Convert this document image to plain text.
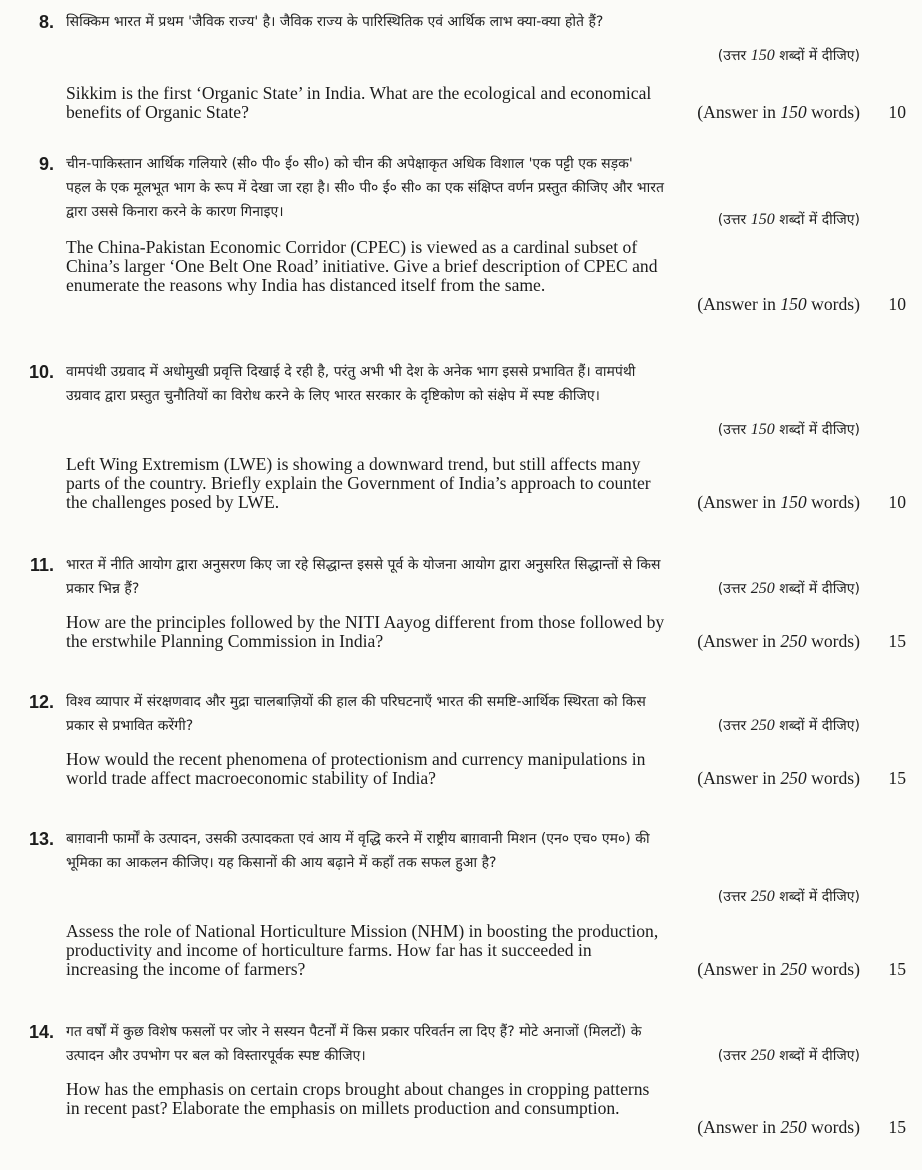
8. सिक्किम भारत में प्रथम 'जैविक राज्य' है। जैविक राज्य के पारिस्थितिक एवं आर्थिक लाभ क्या-क्या होते हैं?
(उत्तर 150 शब्दों में दीजिए)
Sikkim is the first ‘Organic State’ in India. What are the ecological and economical
benefits of Organic State?	(Answer in 150 words)	10
9. चीन-पाकिस्तान आर्थिक गलियारे (सी० पी० ई० सी०) को चीन की अपेक्षाकृत अधिक विशाल 'एक पट्टी एक सड़क'
पहल के एक मूलभूत भाग के रूप में देखा जा रहा है। सी० पी० ई० सी० का एक संक्षिप्त वर्णन प्रस्तुत कीजिए और भारत
द्वारा उससे किनारा करने के कारण गिनाइए।	(उत्तर 150 शब्दों में दीजिए)
The China-Pakistan Economic Corridor (CPEC) is viewed as a cardinal subset of
China’s larger ‘One Belt One Road’ initiative. Give a brief description of CPEC and
enumerate the reasons why India has distanced itself from the same.
(Answer in 150 words)	10
10. वामपंथी उग्रवाद में अधोमुखी प्रवृत्ति दिखाई दे रही है, परंतु अभी भी देश के अनेक भाग इससे प्रभावित हैं। वामपंथी
उग्रवाद द्वारा प्रस्तुत चुनौतियों का विरोध करने के लिए भारत सरकार के दृष्टिकोण को संक्षेप में स्पष्ट कीजिए।
(उत्तर 150 शब्दों में दीजिए)
Left Wing Extremism (LWE) is showing a downward trend, but still affects many
parts of the country. Briefly explain the Government of India’s approach to counter
the challenges posed by LWE.	(Answer in 150 words)	10
11. भारत में नीति आयोग द्वारा अनुसरण किए जा रहे सिद्धान्त इससे पूर्व के योजना आयोग द्वारा अनुसरित सिद्धान्तों से किस
प्रकार भिन्न हैं?	(उत्तर 250 शब्दों में दीजिए)
How are the principles followed by the NITI Aayog different from those followed by
the erstwhile Planning Commission in India?	(Answer in 250 words)	15
12. विश्व व्यापार में संरक्षणवाद और मुद्रा चालबाज़ियों की हाल की परिघटनाएँ भारत की समष्टि-आर्थिक स्थिरता को किस
प्रकार से प्रभावित करेंगी?	(उत्तर 250 शब्दों में दीजिए)
How would the recent phenomena of protectionism and currency manipulations in
world trade affect macroeconomic stability of India?	(Answer in 250 words)	15
13. बाग़वानी फार्मों के उत्पादन, उसकी उत्पादकता एवं आय में वृद्धि करने में राष्ट्रीय बाग़वानी मिशन (एन० एच० एम०) की
भूमिका का आकलन कीजिए। यह किसानों की आय बढ़ाने में कहाँ तक सफल हुआ है?
(उत्तर 250 शब्दों में दीजिए)
Assess the role of National Horticulture Mission (NHM) in boosting the production,
productivity and income of horticulture farms. How far has it succeeded in
increasing the income of farmers?	(Answer in 250 words)	15
14. गत वर्षों में कुछ विशेष फसलों पर जोर ने सस्यन पैटर्नों में किस प्रकार परिवर्तन ला दिए हैं? मोटे अनाजों (मिलटों) के
उत्पादन और उपभोग पर बल को विस्तारपूर्वक स्पष्ट कीजिए।	(उत्तर 250 शब्दों में दीजिए)
How has the emphasis on certain crops brought about changes in cropping patterns
in recent past? Elaborate the emphasis on millets production and consumption.
(Answer in 250 words)	15
